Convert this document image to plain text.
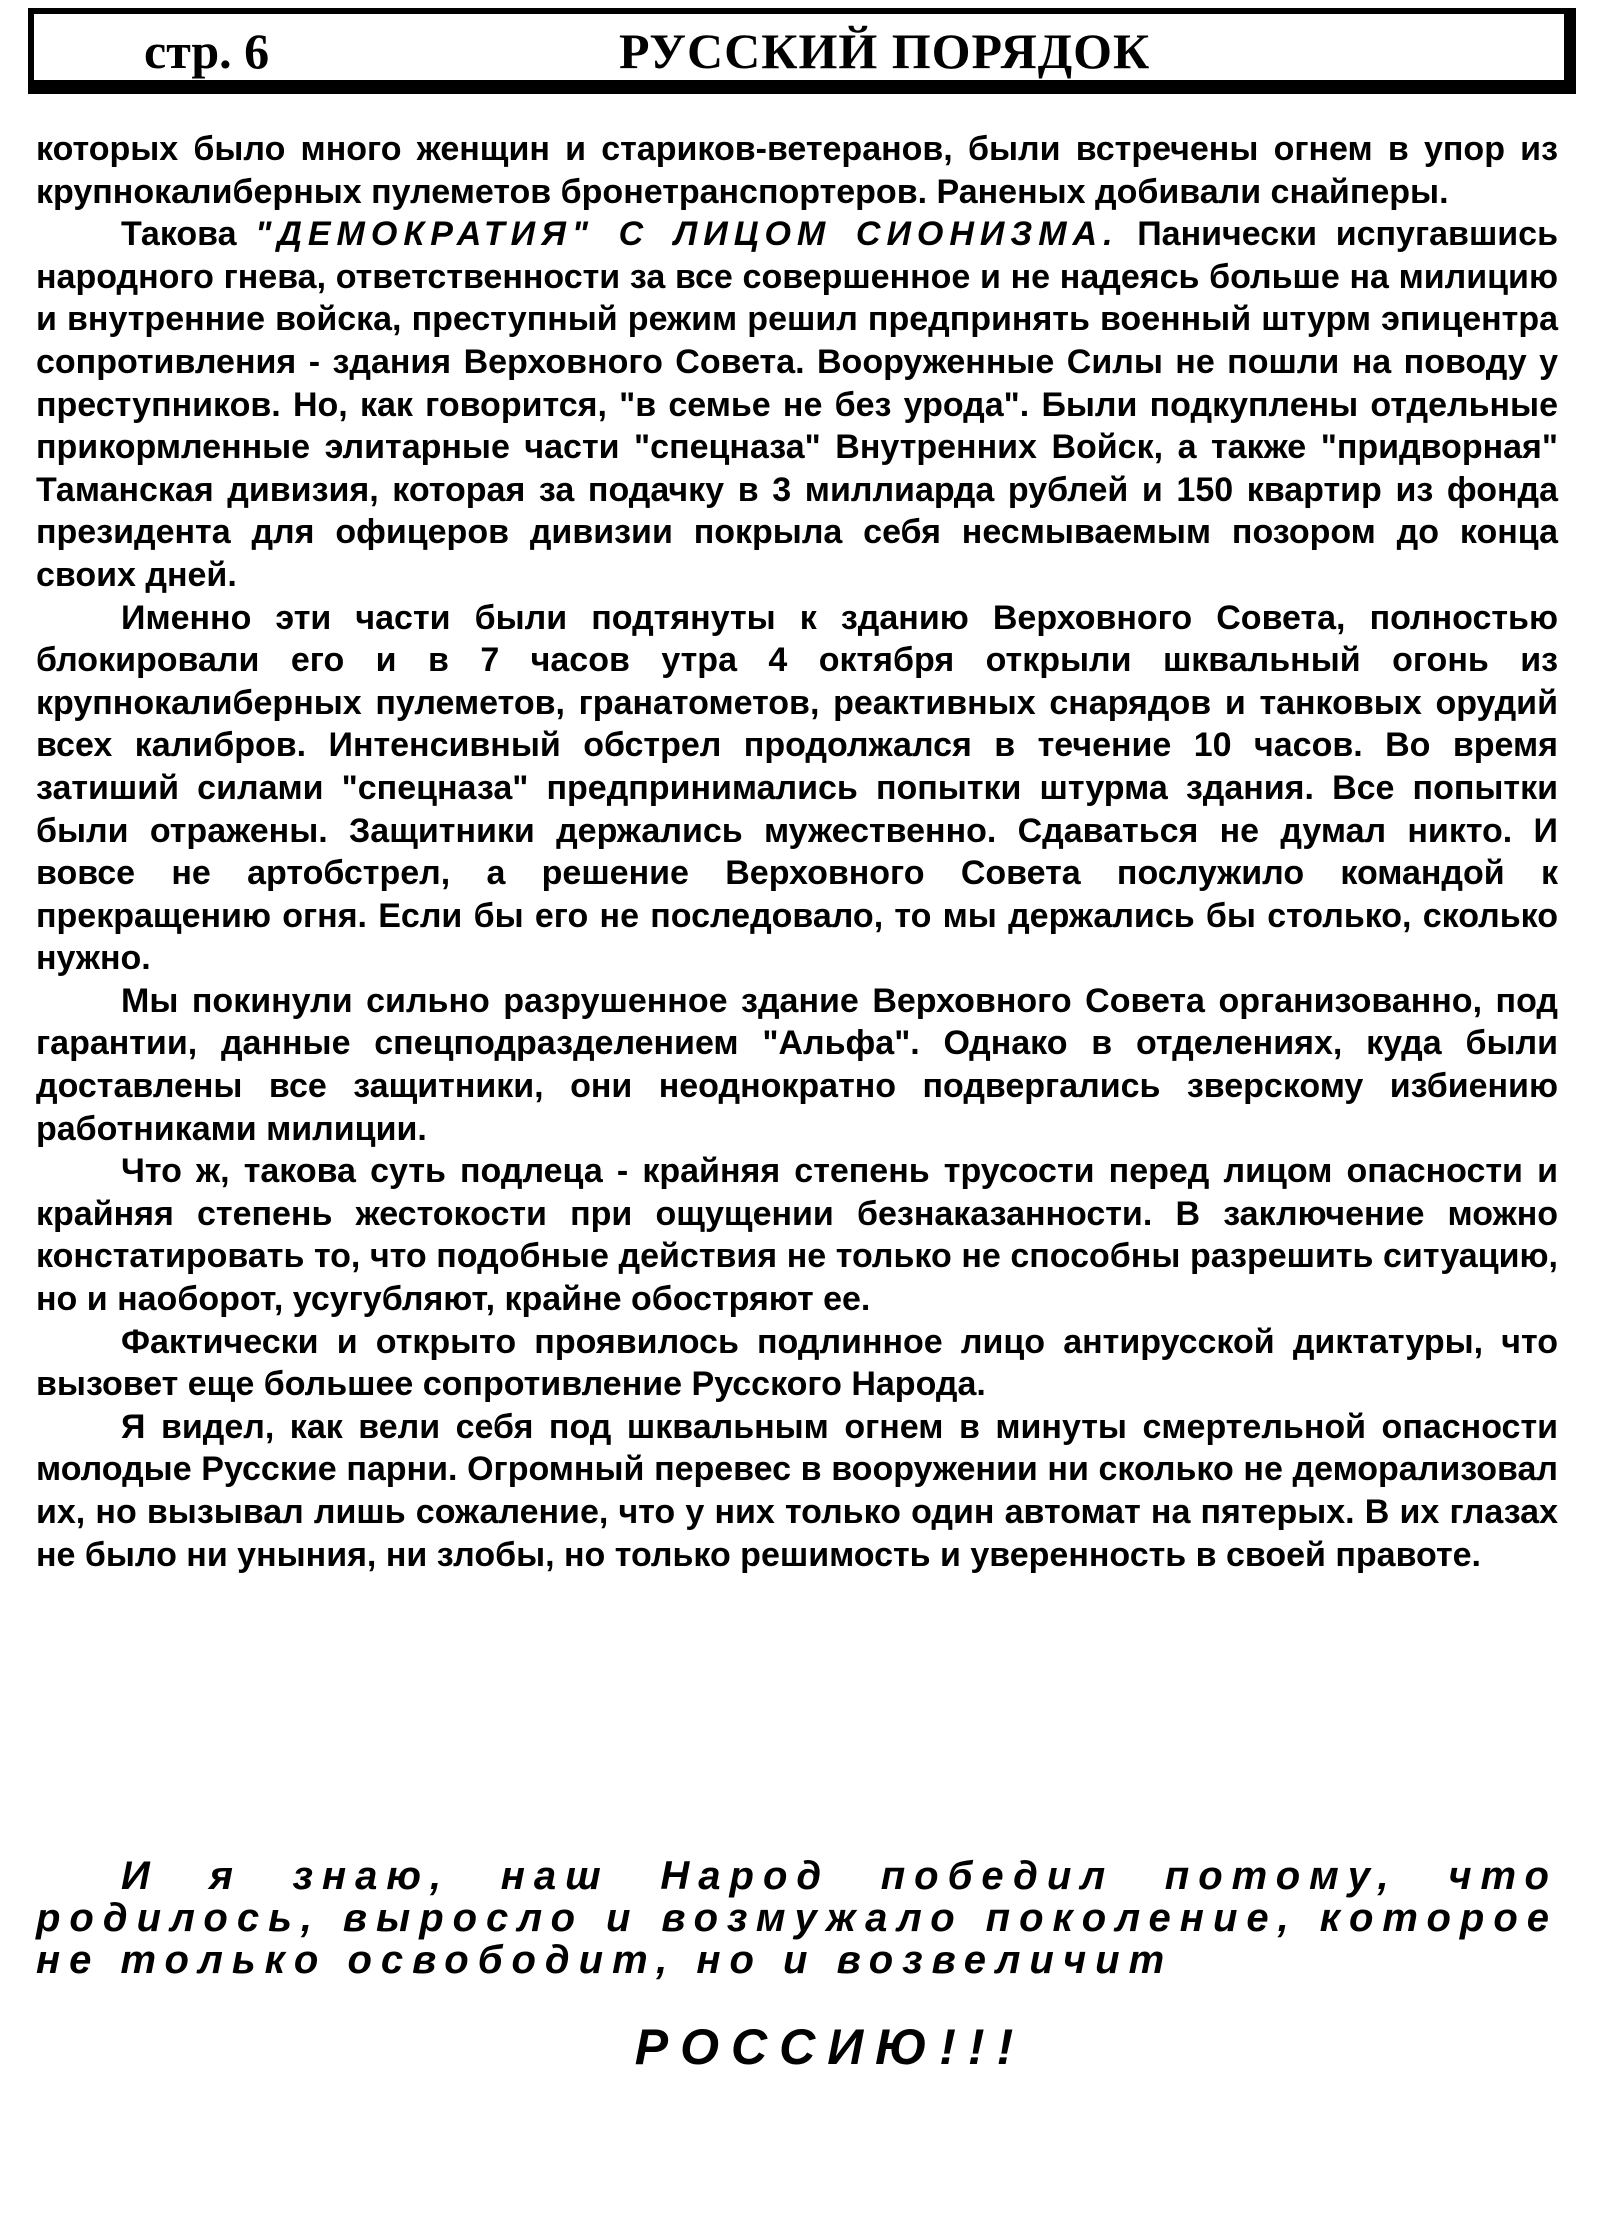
стр. 6	РУССКИЙ ПОРЯДОК

которых было много женщин и стариков-ветеранов, были встречены огнем в упор из крупнокалиберных пулеметов бронетранспортеров. Раненых добивали снайперы.

Такова "ДЕМОКРАТИЯ" С ЛИЦОМ СИОНИЗМА. Панически испугавшись народного гнева, ответственности за все совершенное и не надеясь больше на милицию и внутренние войска, преступный режим решил предпринять военный штурм эпицентра сопротивления - здания Верховного Совета. Вооруженные Силы не пошли на поводу у преступников. Но, как говорится, "в семье не без урода". Были подкуплены отдельные прикормленные элитарные части "спецназа" Внутренних Войск, а также "придворная" Таманская дивизия, которая за подачку в 3 миллиарда рублей и 150 квартир из фонда президента для офицеров дивизии покрыла себя несмываемым позором до конца своих дней.

Именно эти части были подтянуты к зданию Верховного Совета, полностью блокировали его и в 7 часов утра 4 октября открыли шквальный огонь из крупнокалиберных пулеметов, гранатометов, реактивных снарядов и танковых орудий всех калибров. Интенсивный обстрел продолжался в течение 10 часов. Во время затиший силами "спецназа" предпринимались попытки штурма здания. Все попытки были отражены. Защитники держались мужественно. Сдаваться не думал никто. И вовсе не артобстрел, а решение Верховного Совета послужило командой к прекращению огня. Если бы его не последовало, то мы держались бы столько, сколько нужно.

Мы покинули сильно разрушенное здание Верховного Совета организованно, под гарантии, данные спецподразделением "Альфа". Однако в отделениях, куда были доставлены все защитники, они неоднократно подвергались зверскому избиению работниками милиции.

Что ж, такова суть подлеца - крайняя степень трусости перед лицом опасности и крайняя степень жестокости при ощущении безнаказанности. В заключение можно констатировать то, что подобные действия не только не способны разрешить ситуацию, но и наоборот, усугубляют, крайне обостряют ее.

Фактически и открыто проявилось подлинное лицо антирусской диктатуры, что вызовет еще большее сопротивление Русского Народа.

Я видел, как вели себя под шквальным огнем в минуты смертельной опасности молодые Русские парни. Огромный перевес в вооружении ни сколько не деморализовал их, но вызывал лишь сожаление, что у них только один автомат на пятерых. В их глазах не было ни уныния, ни злобы, но только решимость и уверенность в своей правоте.

И я знаю, наш Народ победил потому, что родилось, выросло и возмужало поколение, которое не только освободит, но и возвеличит
РОССИЮ!!!
